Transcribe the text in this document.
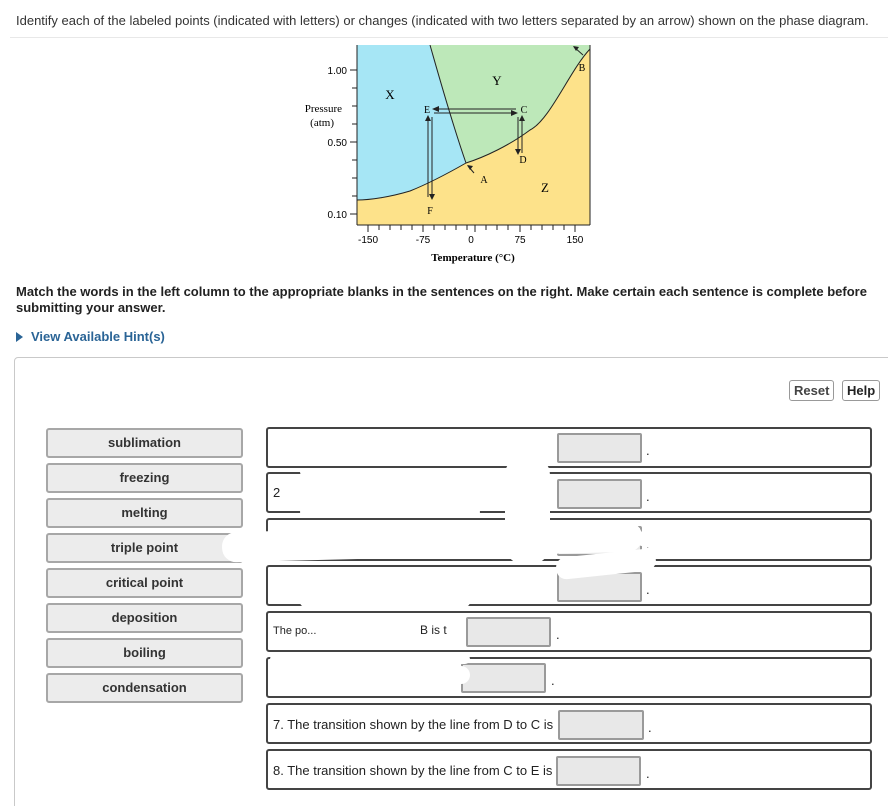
Identify each of the labeled points (indicated with letters) or changes (indicated with two letters separated by an arrow) shown on the phase diagram.
1.00
Pressure
(atm)
0.50
0.10
-150	-75	0	75	150
Temperature (°C)
X
Y
Z
A
B
C
D
E
F
Match the words in the left column to the appropriate blanks in the sentences on the right. Make certain each sentence is complete before submitting your answer.
View Available Hint(s)
Reset	Help
sublimation
freezing
melting
triple point
critical point
deposition
boiling
condensation
.
2	.
.
The po...	B is t	.
.
7. The transition shown by the line from D to C is	.
8. The transition shown by the line from C to E is	.
